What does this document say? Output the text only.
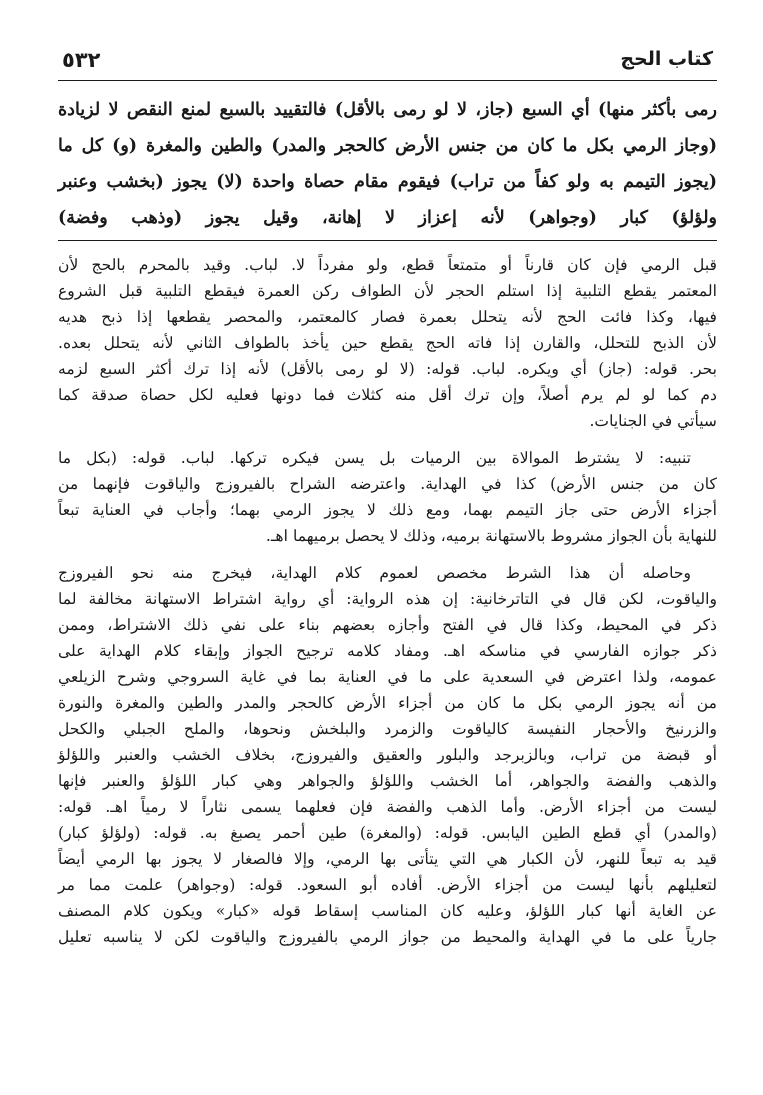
٥٣٢	كتاب الحج
رمى بأكثر منها) أي السبع (جاز، لا لو رمى بالأقل) فالتقييد بالسبع لمنع النقص لا لزيادة
(وجاز الرمي بكل ما كان من جنس الأرض كالحجر والمدر) والطين والمغرة (و) كل ما
(يجوز التيمم به ولو كفاً من تراب) فيقوم مقام حصاة واحدة (لا) يجوز (بخشب وعنبر
ولؤلؤ) كبار (وجواهر) لأنه إعزاز لا إهانة، وقيل يجوز (وذهب وفضة)
قبل الرمي فإن كان قارناً أو متمتعاً قطع، ولو مفرداً لا. لباب. وقيد بالمحرم بالحج لأن
المعتمر يقطع التلبية إذا استلم الحجر لأن الطواف ركن العمرة فيقطع التلبية قبل الشروع
فيها، وكذا فائت الحج لأنه يتحلل بعمرة فصار كالمعتمر، والمحصر يقطعها إذا ذبح هديه
لأن الذبح للتحلل، والقارن إذا فاته الحج يقطع حين يأخذ بالطواف الثاني لأنه يتحلل بعده.
بحر. قوله: (جاز) أي ويكره. لباب. قوله: (لا لو رمى بالأقل) لأنه إذا ترك أكثر السبع لزمه
دم كما لو لم يرم أصلاً، وإن ترك أقل منه كثلاث فما دونها فعليه لكل حصاة صدقة كما
سيأتي في الجنايات.
تنبيه: لا يشترط الموالاة بين الرميات بل يسن فيكره تركها. لباب. قوله: (بكل ما
كان من جنس الأرض) كذا في الهداية. واعترضه الشراح بالفيروزج والياقوت فإنهما من
أجزاء الأرض حتى جاز التيمم بهما، ومع ذلك لا يجوز الرمي بهما؛ وأجاب في العناية تبعاً
للنهاية بأن الجواز مشروط بالاستهانة برميه، وذلك لا يحصل برميهما اهـ.
وحاصله أن هذا الشرط مخصص لعموم كلام الهداية، فيخرج منه نحو الفيروزج
والياقوت، لكن قال في التاترخانية: إن هذه الرواية: أي رواية اشتراط الاستهانة مخالفة لما
ذكر في المحيط، وكذا قال في الفتح وأجازه بعضهم بناء على نفي ذلك الاشتراط، وممن
ذكر جوازه الفارسي في مناسكه اهـ. ومفاد كلامه ترجيح الجواز وإبقاء كلام الهداية على
عمومه، ولذا اعترض في السعدية على ما في العناية بما في غاية السروجي وشرح الزيلعي
من أنه يجوز الرمي بكل ما كان من أجزاء الأرض كالحجر والمدر والطين والمغرة والنورة
والزرنيخ والأحجار النفيسة كالياقوت والزمرد والبلخش ونحوها، والملح الجبلي والكحل
أو قبضة من تراب، وبالزبرجد والبلور والعقيق والفيروزج، بخلاف الخشب والعنبر واللؤلؤ
والذهب والفضة والجواهر، أما الخشب واللؤلؤ والجواهر وهي كبار اللؤلؤ والعنبر فإنها
ليست من أجزاء الأرض. وأما الذهب والفضة فإن فعلهما يسمى نثاراً لا رمياً اهـ. قوله:
(والمدر) أي قطع الطين اليابس. قوله: (والمغرة) طين أحمر يصبغ به. قوله: (ولؤلؤ كبار)
قيد به تبعاً للنهر، لأن الكبار هي التي يتأتى بها الرمي، وإلا فالصغار لا يجوز بها الرمي أيضاً
لتعليلهم بأنها ليست من أجزاء الأرض. أفاده أبو السعود. قوله: (وجواهر) علمت مما مر
عن الغاية أنها كبار اللؤلؤ، وعليه كان المناسب إسقاط قوله «كبار» ويكون كلام المصنف
جارياً على ما في الهداية والمحيط من جواز الرمي بالفيروزج والياقوت لكن لا يناسبه تعليل
